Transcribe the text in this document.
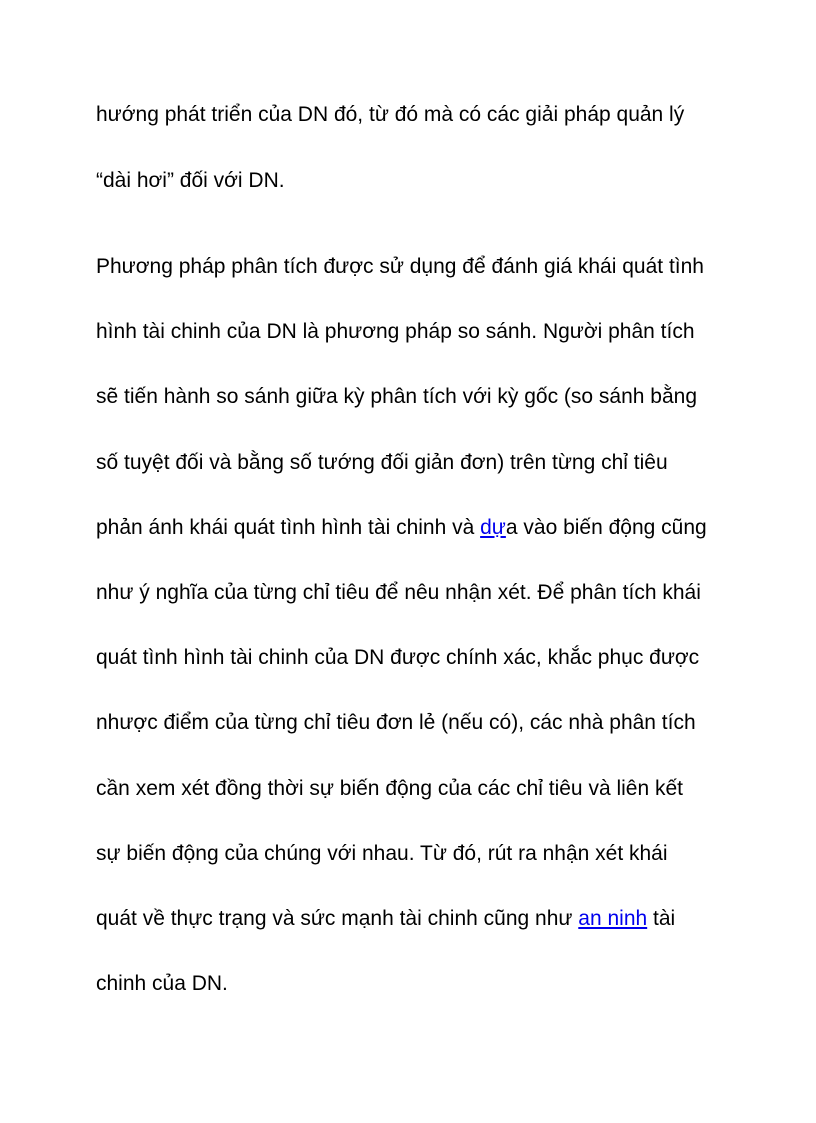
hướng phát triển của DN đó, từ đó mà có các giải pháp quản lý
“dài hơi” đối với DN.
Phương pháp phân tích được sử dụng để đánh giá khái quát tình
hình tài chinh của DN là phương pháp so sánh. Người phân tích
sẽ tiến hành so sánh giữa kỳ phân tích với kỳ gốc (so sánh bằng
số tuyệt đối và bằng số tướng đối giản đơn) trên từng chỉ tiêu
phản ánh khái quát tình hình tài chinh và dựa vào biến động cũng
như ý nghĩa của từng chỉ tiêu để nêu nhận xét. Để phân tích khái
quát tình hình tài chinh của DN được chính xác, khắc phục được
nhược điểm của từng chỉ tiêu đơn lẻ (nếu có), các nhà phân tích
cần xem xét đồng thời sự biến động của các chỉ tiêu và liên kết
sự biến động của chúng với nhau. Từ đó, rút ra nhận xét khái
quát về thực trạng và sức mạnh tài chinh cũng như an ninh tài
chinh của DN.
